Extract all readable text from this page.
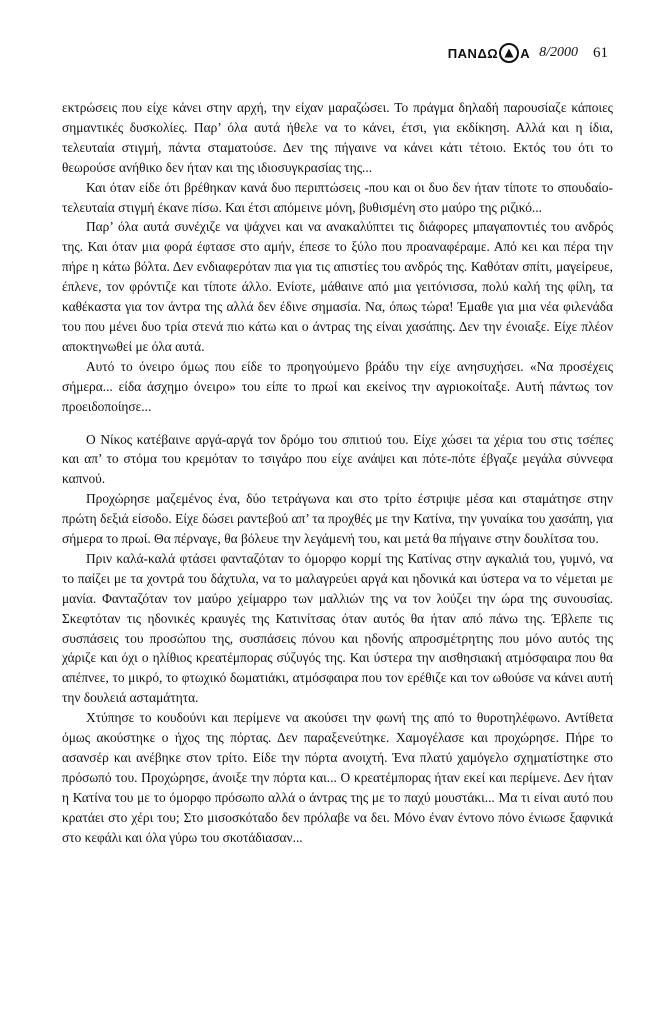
ΠΑΝΔΩ Α 8/2000 61

εκτρώσεις που είχε κάνει στην αρχή, την είχαν μαραζώσει. Το πράγμα δηλαδή παρουσίαζε κάποιες σημαντικές δυσκολίες. Παρ’ όλα αυτά ήθελε να το κάνει, έτσι, για εκδίκηση. Αλλά και η ίδια, τελευταία στιγμή, πάντα σταματούσε. Δεν της πήγαινε να κάνει κάτι τέτοιο. Εκτός του ότι το θεωρούσε ανήθικο δεν ήταν και της ιδιοσυγκρασίας της...

Και όταν είδε ότι βρέθηκαν κανά δυο περιπτώσεις -που και οι δυο δεν ήταν τίποτε το σπουδαίο- τελευταία στιγμή έκανε πίσω. Και έτσι απόμεινε μόνη, βυθισμένη στο μαύρο της ριζικό...

Παρ’ όλα αυτά συνέχιζε να ψάχνει και να ανακαλύπτει τις διάφορες μπαγαποντιές του ανδρός της. Και όταν μια φορά έφτασε στο αμήν, έπεσε το ξύλο που προαναφέραμε. Από κει και πέρα την πήρε η κάτω βόλτα. Δεν ενδιαφερόταν πια για τις απιστίες του ανδρός της. Καθόταν σπίτι, μαγείρευε, έπλενε, τον φρόντιζε και τίποτε άλλο. Ενίοτε, μάθαινε από μια γειτόνισσα, πολύ καλή της φίλη, τα καθέκαστα για τον άντρα της αλλά δεν έδινε σημασία. Να, όπως τώρα! Έμαθε για μια νέα φιλενάδα του που μένει δυο τρία στενά πιο κάτω και ο άντρας της είναι χασάπης. Δεν την ένοιαξε. Είχε πλέον αποκτηνωθεί με όλα αυτά.

Αυτό το όνειρο όμως που είδε το προηγούμενο βράδυ την είχε ανησυχήσει. «Να προσέχεις σήμερα... είδα άσχημο όνειρο» του είπε το πρωί και εκείνος την αγριοκοίταξε. Αυτή πάντως τον προειδοποίησε...

Ο Νίκος κατέβαινε αργά-αργά τον δρόμο του σπιτιού του. Είχε χώσει τα χέρια του στις τσέπες και απ’ το στόμα του κρεμόταν το τσιγάρο που είχε ανάψει και πότε-πότε έβγαζε μεγάλα σύννεφα καπνού.

Προχώρησε μαζεμένος ένα, δύο τετράγωνα και στο τρίτο έστριψε μέσα και σταμάτησε στην πρώτη δεξιά είσοδο. Είχε δώσει ραντεβού απ’ τα προχθές με την Κατίνα, την γυναίκα του χασάπη, για σήμερα το πρωί. Θα πέρναγε, θα βόλευε την λεγάμενή του, και μετά θα πήγαινε στην δουλίτσα του.

Πριν καλά-καλά φτάσει φανταζόταν το όμορφο κορμί της Κατίνας στην αγκαλιά του, γυμνό, να το παίζει με τα χοντρά του δάχτυλα, να το μαλαγρεύει αργά και ηδονικά και ύστερα να το νέμεται με μανία. Φανταζόταν τον μαύρο χείμαρρο των μαλλιών της να τον λούζει την ώρα της συνουσίας. Σκεφτόταν τις ηδονικές κραυγές της Κατινίτσας όταν αυτός θα ήταν από πάνω της. Έβλεπε τις συσπάσεις του προσώπου της, συσπάσεις πόνου και ηδονής απροσμέτρητης που μόνο αυτός της χάριζε και όχι ο ηλίθιος κρεατέμπορας σύζυγός της. Και ύστερα την αισθησιακή ατμόσφαιρα που θα απέπνεε, το μικρό, το φτωχικό δωματιάκι, ατμόσφαιρα που τον ερέθιζε και τον ωθούσε να κάνει αυτή την δουλειά ασταμάτητα.

Χτύπησε το κουδούνι και περίμενε να ακούσει την φωνή της από το θυροτηλέφωνο. Αντίθετα όμως ακούστηκε ο ήχος της πόρτας. Δεν παραξενεύτηκε. Χαμογέλασε και προχώρησε. Πήρε το ασανσέρ και ανέβηκε στον τρίτο. Είδε την πόρτα ανοιχτή. Ένα πλατύ χαμόγελο σχηματίστηκε στο πρόσωπό του. Προχώρησε, άνοιξε την πόρτα και... Ο κρεατέμπορας ήταν εκεί και περίμενε. Δεν ήταν η Κατίνα του με το όμορφο πρόσωπο αλλά ο άντρας της με το παχύ μουστάκι... Μα τι είναι αυτό που κρατάει στο χέρι του; Στο μισοσκόταδο δεν πρόλαβε να δει. Μόνο έναν έντονο πόνο ένιωσε ξαφνικά στο κεφάλι και όλα γύρω του σκοτάδιασαν...
